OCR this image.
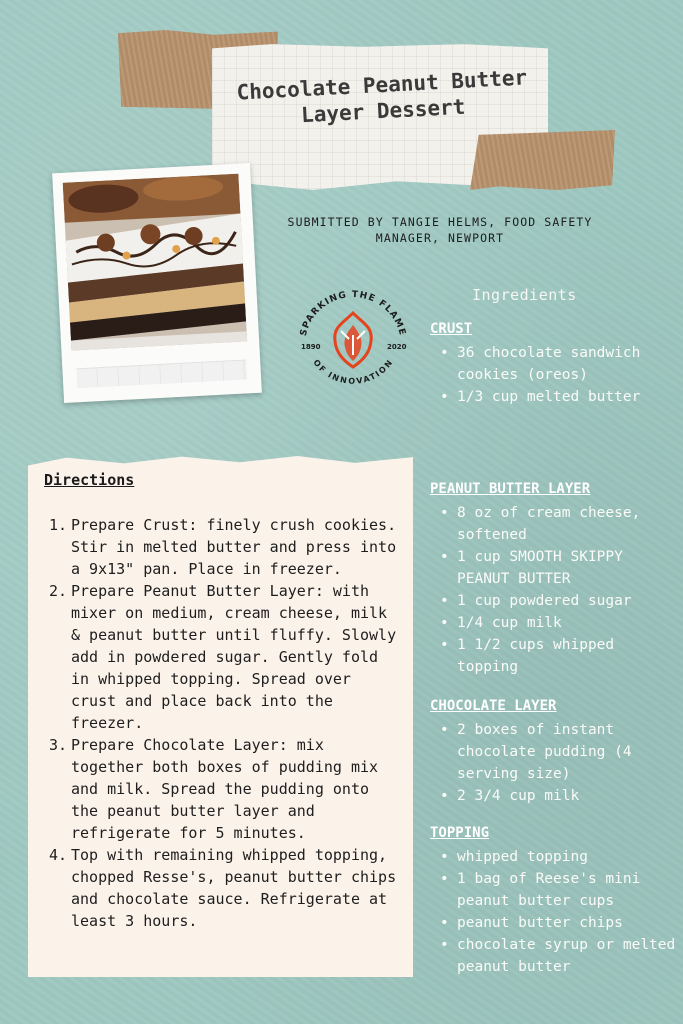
Chocolate Peanut Butter Layer Dessert
SUBMITTED BY TANGIE HELMS, FOOD SAFETY MANAGER, NEWPORT
SPARKING THE FLAME
OF INNOVATION
1890	2020
Ingredients
CRUST
• 36 chocolate sandwich cookies (oreos)
• 1/3 cup melted butter
PEANUT BUTTER LAYER
• 8 oz of cream cheese, softened
• 1 cup SMOOTH SKIPPY PEANUT BUTTER
• 1 cup powdered sugar
• 1/4 cup milk
• 1 1/2 cups whipped topping
CHOCOLATE LAYER
• 2 boxes of instant chocolate pudding (4 serving size)
• 2 3/4 cup milk
TOPPING
• whipped topping
• 1 bag of Reese's mini peanut butter cups
• peanut butter chips
• chocolate syrup or melted peanut butter
Directions
1. Prepare Crust: finely crush cookies. Stir in melted butter and press into a 9x13" pan. Place in freezer.
2. Prepare Peanut Butter Layer: with mixer on medium, cream cheese, milk & peanut butter until fluffy. Slowly add in powdered sugar. Gently fold in whipped topping. Spread over crust and place back into the freezer.
3. Prepare Chocolate Layer: mix together both boxes of pudding mix and milk. Spread the pudding onto the peanut butter layer and refrigerate for 5 minutes.
4. Top with remaining whipped topping, chopped Resse's, peanut butter chips and chocolate sauce. Refrigerate at least 3 hours.
